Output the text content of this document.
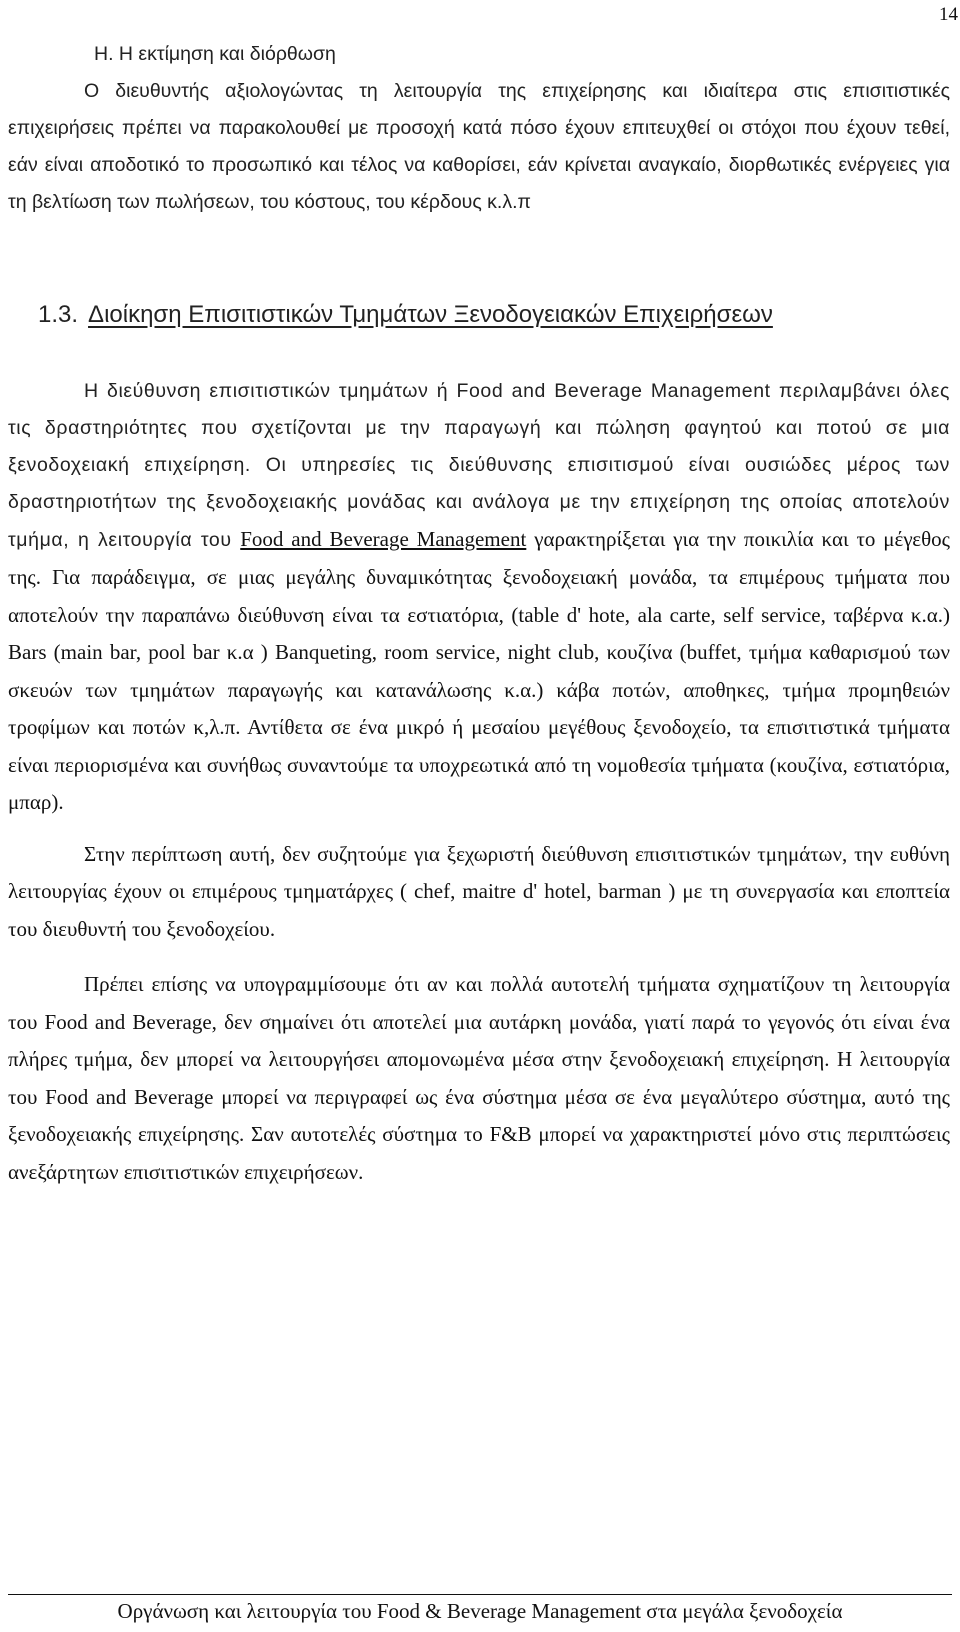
14
Η. Η εκτίμηση και διόρθωση

Ο διευθυντής αξιολογώντας τη λειτουργία της επιχείρησης και ιδιαίτερα στις επισιτιστικές επιχειρήσεις πρέπει να παρακολουθεί με προσοχή κατά πόσο έχουν επιτευχθεί οι στόχοι που έχουν τεθεί, εάν είναι αποδοτικό το προσωπικό και τέλος να καθορίσει, εάν κρίνεται αναγκαίο, διορθωτικές ενέργειες για τη βελτίωση των πωλήσεων, του κόστους, του κέρδους κ.λ.π

1.3. Διοίκηση Επισιτιστικών Τμημάτων Ξενοδογειακών Επιχειρήσεων

Η διεύθυνση επισιτιστικών τμημάτων ή Food and Beverage Management περιλαμβάνει όλες τις δραστηριότητες που σχετίζονται με την παραγωγή και πώληση φαγητού και ποτού σε μια ξενοδοχειακή επιχείρηση. Οι υπηρεσίες τις διεύθυνσης επισιτισμού είναι ουσιώδες μέρος των δραστηριοτήτων της ξενοδοχειακής μονάδας και ανάλογα με την επιχείρηση της οποίας αποτελούν τμήμα, η λειτουργία του Food and Beverage Management γαρακτηρίξεται για την ποικιλία και το μέγεθος της. Για παράδειγμα, σε μιας μεγάλης δυναμικότητας ξενοδοχειακή μονάδα, τα επιμέρους τμήματα που αποτελούν την παραπάνω διεύθυνση είναι τα εστιατόρια, (table d' hote, ala carte, self service, ταβέρνα κ.α.) Bars (main bar, pool bar κ.α ) Banqueting, room service, night club, κουζίνα (buffet, τμήμα καθαρισμού των σκευών των τμημάτων παραγωγής και κατανάλωσης κ.α.) κάβα ποτών, αποθηκες, τμήμα προμηθειών τροφίμων και ποτών κ,λ.π. Αντίθετα σε ένα μικρό ή μεσαίου μεγέθους ξενοδοχείο, τα επισιτιστικά τμήματα είναι περιορισμένα και συνήθως συναντούμε τα υποχρεωτικά από τη νομοθεσία τμήματα (κουζίνα, εστιατόρια, μπαρ).

Στην περίπτωση αυτή, δεν συζητούμε για ξεχωριστή διεύθυνση επισιτιστικών τμημάτων, την ευθύνη λειτουργίας έχουν οι επιμέρους τμηματάρχες ( chef, maitre d' hotel, barman ) με τη συνεργασία και εποπτεία του διευθυντή του ξενοδοχείου.

Πρέπει επίσης να υπογραμμίσουμε ότι αν και πολλά αυτοτελή τμήματα σχηματίζουν τη λειτουργία του Food and Beverage, δεν σημαίνει ότι αποτελεί μια αυτάρκη μονάδα, γιατί παρά το γεγονός ότι είναι ένα πλήρες τμήμα, δεν μπορεί να λειτουργήσει απομονωμένα μέσα στην ξενοδοχειακή επιχείρηση. Η λειτουργία του Food and Beverage μπορεί να περιγραφεί ως ένα σύστημα μέσα σε ένα μεγαλύτερο σύστημα, αυτό της ξενοδοχειακής επιχείρησης. Σαν αυτοτελές σύστημα το F&B μπορεί να χαρακτηριστεί μόνο στις περιπτώσεις ανεξάρτητων επισιτιστικών επιχειρήσεων.

Οργάνωση και λειτουργία του Food & Beverage Management στα μεγάλα ξενοδοχεία
